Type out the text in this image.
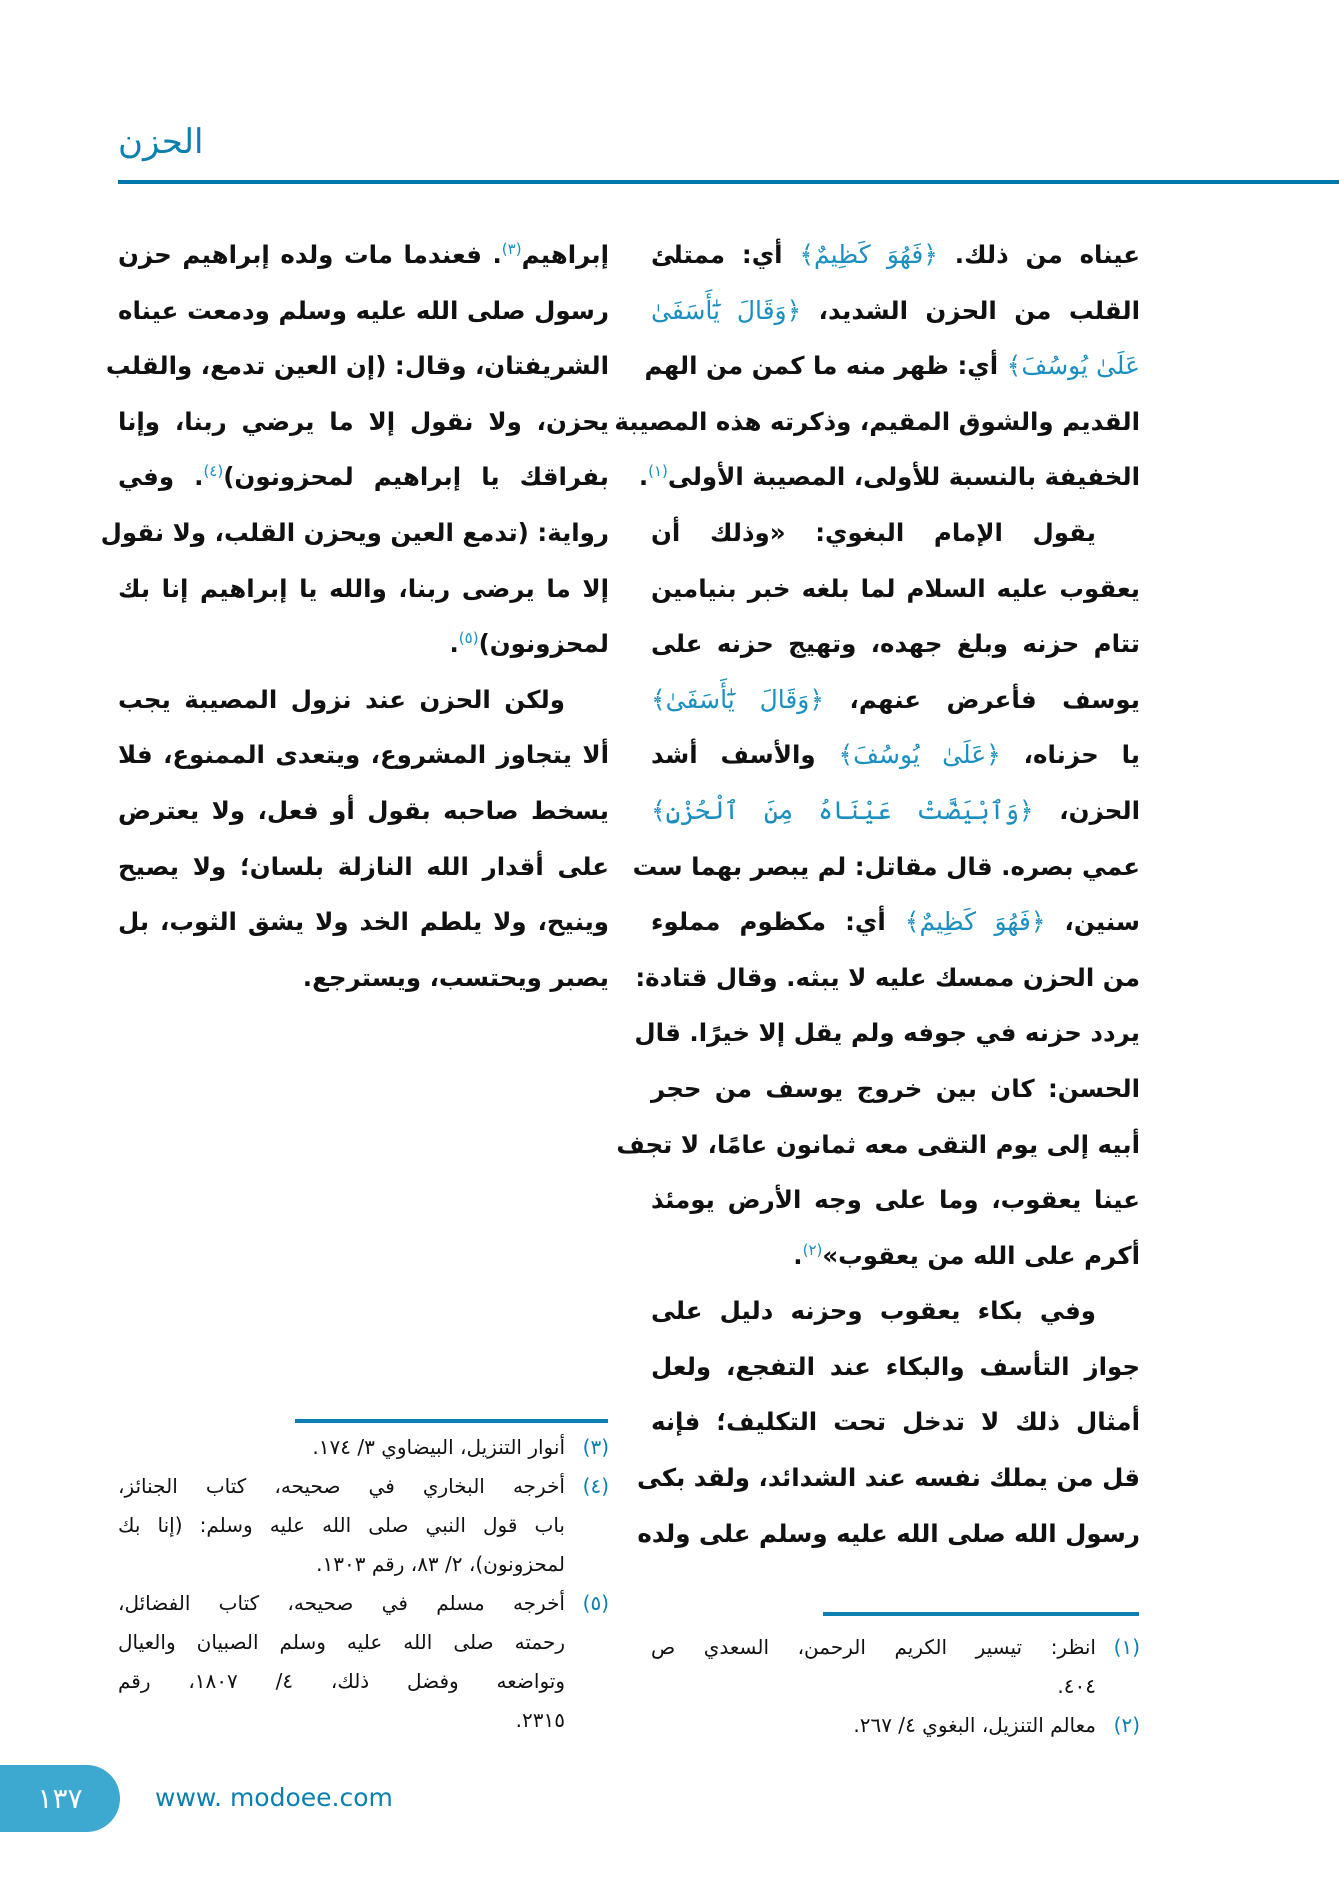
الحزن
عيناه من ذلك. ﴿فَهُوَ كَظِيمٌ﴾ أي: ممتلئ
القلب من الحزن الشديد، ﴿وَقَالَ يَٰٓأَسَفَىٰ
عَلَىٰ يُوسُفَ﴾ أي: ظهر منه ما كمن من الهم
القديم والشوق المقيم، وذكرته هذه المصيبة
الخفيفة بالنسبة للأولى، المصيبة الأولى$^{(١)}$.
يقول الإمام البغوي: «وذلك أن
يعقوب عليه السلام لما بلغه خبر بنيامين
تتام حزنه وبلغ جهده، وتهيج حزنه على
يوسف فأعرض عنهم، ﴿وَقَالَ يَٰٓأَسَفَىٰ﴾
يا حزناه، ﴿عَلَىٰ يُوسُفَ﴾ والأسف أشد
الحزن، ﴿وَٱبْيَضَّتْ عَيْنَاهُ مِنَ ٱلْحُزْنِ﴾
عمي بصره. قال مقاتل: لم يبصر بهما ست
سنين، ﴿فَهُوَ كَظِيمٌ﴾ أي: مكظوم مملوء
من الحزن ممسك عليه لا يبثه. وقال قتادة:
يردد حزنه في جوفه ولم يقل إلا خيرًا. قال
الحسن: كان بين خروج يوسف من حجر
أبيه إلى يوم التقى معه ثمانون عامًا، لا تجف
عينا يعقوب، وما على وجه الأرض يومئذ
أكرم على الله من يعقوب»$^{(٢)}$.
وفي بكاء يعقوب وحزنه دليل على
جواز التأسف والبكاء عند التفجع، ولعل
أمثال ذلك لا تدخل تحت التكليف؛ فإنه
قل من يملك نفسه عند الشدائد، ولقد بكى
رسول الله صلى الله عليه وسلم على ولده
إبراهيم$^{(٣)}$. فعندما مات ولده إبراهيم حزن
رسول صلى الله عليه وسلم ودمعت عيناه
الشريفتان، وقال: (إن العين تدمع، والقلب
يحزن، ولا نقول إلا ما يرضي ربنا، وإنا
بفراقك يا إبراهيم لمحزونون)$^{(٤)}$. وفي
رواية: (تدمع العين ويحزن القلب، ولا نقول
إلا ما يرضى ربنا، والله يا إبراهيم إنا بك
لمحزونون)$^{(٥)}$.
ولكن الحزن عند نزول المصيبة يجب
ألا يتجاوز المشروع، ويتعدى الممنوع، فلا
يسخط صاحبه بقول أو فعل، ولا يعترض
على أقدار الله النازلة بلسان؛ ولا يصيح
وينيح، ولا يلطم الخد ولا يشق الثوب، بل
يصبر ويحتسب، ويسترجع.
(١)
انظر: تيسير الكريم الرحمن، السعدي ص
٤٠٤.
(٢)
معالم التنزيل، البغوي ٤/ ٢٦٧.
(٣)
أنوار التنزيل، البيضاوي ٣/ ١٧٤.
(٤)
أخرجه البخاري في صحيحه، كتاب الجنائز،
باب قول النبي صلى الله عليه وسلم: (إنا بك
لمحزونون)، ٢/ ٨٣، رقم ١٣٠٣.
(٥)
أخرجه مسلم في صحيحه، كتاب الفضائل،
رحمته صلى الله عليه وسلم الصبيان والعيال
وتواضعه وفضل ذلك، ٤/ ١٨٠٧، رقم
٢٣١٥.
١٣٧	www. modoee.com
